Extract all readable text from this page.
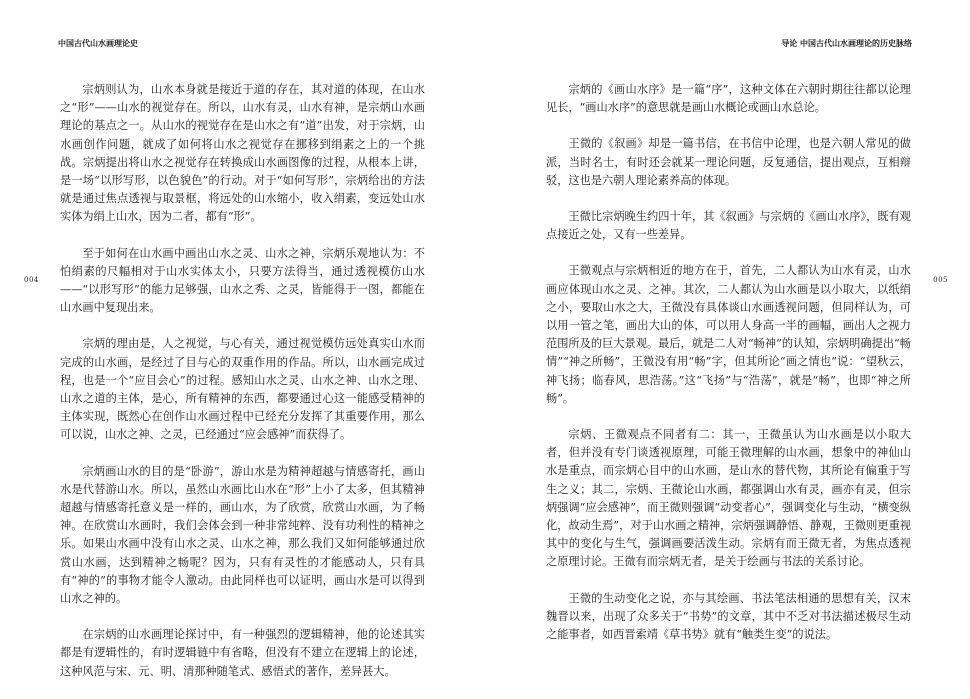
中国古代山水画理论史
004

宗炳则认为，山水本身就是接近于道的存在，其对道的体现，在山水之“形”——山水的视觉存在。所以，山水有灵，山水有神，是宗炳山水画理论的基点之一。从山水的视觉存在是山水之有“道”出发，对于宗炳，山水画创作问题，就成了如何将山水之视觉存在挪移到绢素之上的一个挑战。宗炳提出将山水之视觉存在转换成山水画图像的过程，从根本上讲，是一场“以形写形，以色貌色”的行动。对于“如何写形”，宗炳给出的方法就是通过焦点透视与取景框，将远处的山水缩小，收入绢素，变远处山水实体为绢上山水，因为二者，都有“形”。

至于如何在山水画中画出山水之灵、山水之神，宗炳乐观地认为：不怕绢素的尺幅相对于山水实体太小，只要方法得当，通过透视模仿山水——“以形写形”的能力足够强，山水之秀、之灵，皆能得于一图，都能在山水画中复现出来。

宗炳的理由是，人之视觉，与心有关，通过视觉模仿远处真实山水而完成的山水画，是经过了目与心的双重作用的作品。所以，山水画完成过程，也是一个“应目会心”的过程。感知山水之灵、山水之神、山水之理、山水之道的主体，是心，所有精神的东西，都要通过心这一能感受精神的主体实现，既然心在创作山水画过程中已经充分发挥了其重要作用，那么可以说，山水之神、之灵，已经通过“应会感神”而获得了。

宗炳画山水的目的是“卧游”，游山水是为精神超越与情感寄托，画山水是代替游山水。所以，虽然山水画比山水在“形”上小了太多，但其精神超越与情感寄托意义是一样的，画山水，为了欣赏，欣赏山水画，为了畅神。在欣赏山水画时，我们会体会到一种非常纯粹、没有功利性的精神之乐。如果山水画中没有山水之灵、山水之神，那么我们又如何能够通过欣赏山水画，达到精神之畅呢？因为，只有有灵性的才能感动人，只有具有“神的”的事物才能令人激动。由此同样也可以证明，画山水是可以得到山水之神的。

在宗炳的山水画理论探讨中，有一种强烈的逻辑精神，他的论述其实都是有逻辑性的，有时逻辑链中有省略，但没有不建立在逻辑上的论述，这种风范与宋、元、明、清那种随笔式、感悟式的著作，差异甚大。

导论 中国古代山水画理论的历史脉络
005

宗炳的《画山水序》是一篇“序”，这种文体在六朝时期往往都以论理见长，“画山水序”的意思就是画山水概论或画山水总论。

王微的《叙画》却是一篇书信，在书信中论理，也是六朝人常见的做派，当时名士，有时还会就某一理论问题，反复通信，提出观点，互相辩驳，这也是六朝人理论素养高的体现。

王微比宗炳晚生约四十年，其《叙画》与宗炳的《画山水序》，既有观点接近之处，又有一些差异。

王微观点与宗炳相近的地方在于，首先，二人都认为山水有灵，山水画应体现山水之灵、之神。其次，二人都认为山水画是以小取大，以纸绢之小，要取山水之大，王微没有具体谈山水画透视问题，但同样认为，可以用一管之笔，画出大山的体，可以用人身高一半的画幅，画出人之视力范围所及的巨大景观。最后，就是二人对“畅神”的认知，宗炳明确提出“畅情”“神之所畅”，王微没有用“畅”字，但其所论“画之情也”说：“望秋云，神飞扬；临春风，思浩荡。”这“飞扬”与“浩荡”，就是“畅”，也即“神之所畅”。

宗炳、王微观点不同者有二：其一，王微虽认为山水画是以小取大者，但并没有专门谈透视原理，可能王微理解的山水画，想象中的神仙山水是重点，而宗炳心目中的山水画，是山水的替代物，其所论有偏重于写生之义；其二，宗炳、王微论山水画，都强调山水有灵，画亦有灵，但宗炳强调“应会感神”，而王微则强调“动变者心”，强调变化与生动，“横变纵化，故动生焉”，对于山水画之精神，宗炳强调静悟、静观，王微则更重视其中的变化与生气，强调画要活泼生动。宗炳有而王微无者，为焦点透视之原理讨论。王微有而宗炳无者，是关于绘画与书法的关系讨论。

王微的生动变化之说，亦与其绘画、书法笔法相通的思想有关，汉末魏晋以来，出现了众多关于“书势”的文章，其中不乏对书法描述极尽生动之能事者，如西晋索靖《草书势》就有“触类生变”的说法。
